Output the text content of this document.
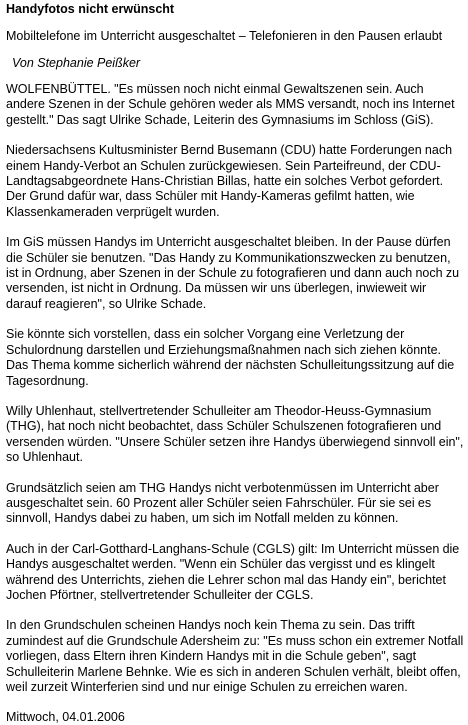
Handyfotos nicht erwünscht
Mobiltelefone im Unterricht ausgeschaltet – Telefonieren in den Pausen erlaubt
Von Stephanie Peißker

WOLFENBÜTTEL. "Es müssen noch nicht einmal Gewaltszenen sein. Auch andere Szenen in der Schule gehören weder als MMS versandt, noch ins Internet gestellt." Das sagt Ulrike Schade, Leiterin des Gymnasiums im Schloss (GiS).

Niedersachsens Kultusminister Bernd Busemann (CDU) hatte Forderungen nach einem Handy-Verbot an Schulen zurückgewiesen. Sein Parteifreund, der CDU-Landtagsabgeordnete Hans-Christian Billas, hatte ein solches Verbot gefordert. Der Grund dafür war, dass Schüler mit Handy-Kameras gefilmt hatten, wie Klassenkameraden verprügelt wurden.

Im GiS müssen Handys im Unterricht ausgeschaltet bleiben. In der Pause dürfen die Schüler sie benutzen. "Das Handy zu Kommunikationszwecken zu benutzen, ist in Ordnung, aber Szenen in der Schule zu fotografieren und dann auch noch zu versenden, ist nicht in Ordnung. Da müssen wir uns überlegen, inwieweit wir darauf reagieren", so Ulrike Schade.

Sie könnte sich vorstellen, dass ein solcher Vorgang eine Verletzung der Schulordnung darstellen und Erziehungsmaßnahmen nach sich ziehen könnte. Das Thema komme sicherlich während der nächsten Schulleitungssitzung auf die Tagesordnung.

Willy Uhlenhaut, stellvertretender Schulleiter am Theodor-Heuss-Gymnasium (THG), hat noch nicht beobachtet, dass Schüler Schulszenen fotografieren und versenden würden. "Unsere Schüler setzen ihre Handys überwiegend sinnvoll ein", so Uhlenhaut.

Grundsätzlich seien am THG Handys nicht verbotenmüssen im Unterricht aber ausgeschaltet sein. 60 Prozent aller Schüler seien Fahrschüler. Für sie sei es sinnvoll, Handys dabei zu haben, um sich im Notfall melden zu können.

Auch in der Carl-Gotthard-Langhans-Schule (CGLS) gilt: Im Unterricht müssen die Handys ausgeschaltet werden. "Wenn ein Schüler das vergisst und es klingelt während des Unterrichts, ziehen die Lehrer schon mal das Handy ein", berichtet Jochen Pförtner, stellvertretender Schulleiter der CGLS.

In den Grundschulen scheinen Handys noch kein Thema zu sein. Das trifft zumindest auf die Grundschule Adersheim zu: "Es muss schon ein extremer Notfall vorliegen, dass Eltern ihren Kindern Handys mit in die Schule geben", sagt Schulleiterin Marlene Behnke. Wie es sich in anderen Schulen verhält, bleibt offen, weil zurzeit Winterferien sind und nur einige Schulen zu erreichen waren.

Mittwoch, 04.01.2006
